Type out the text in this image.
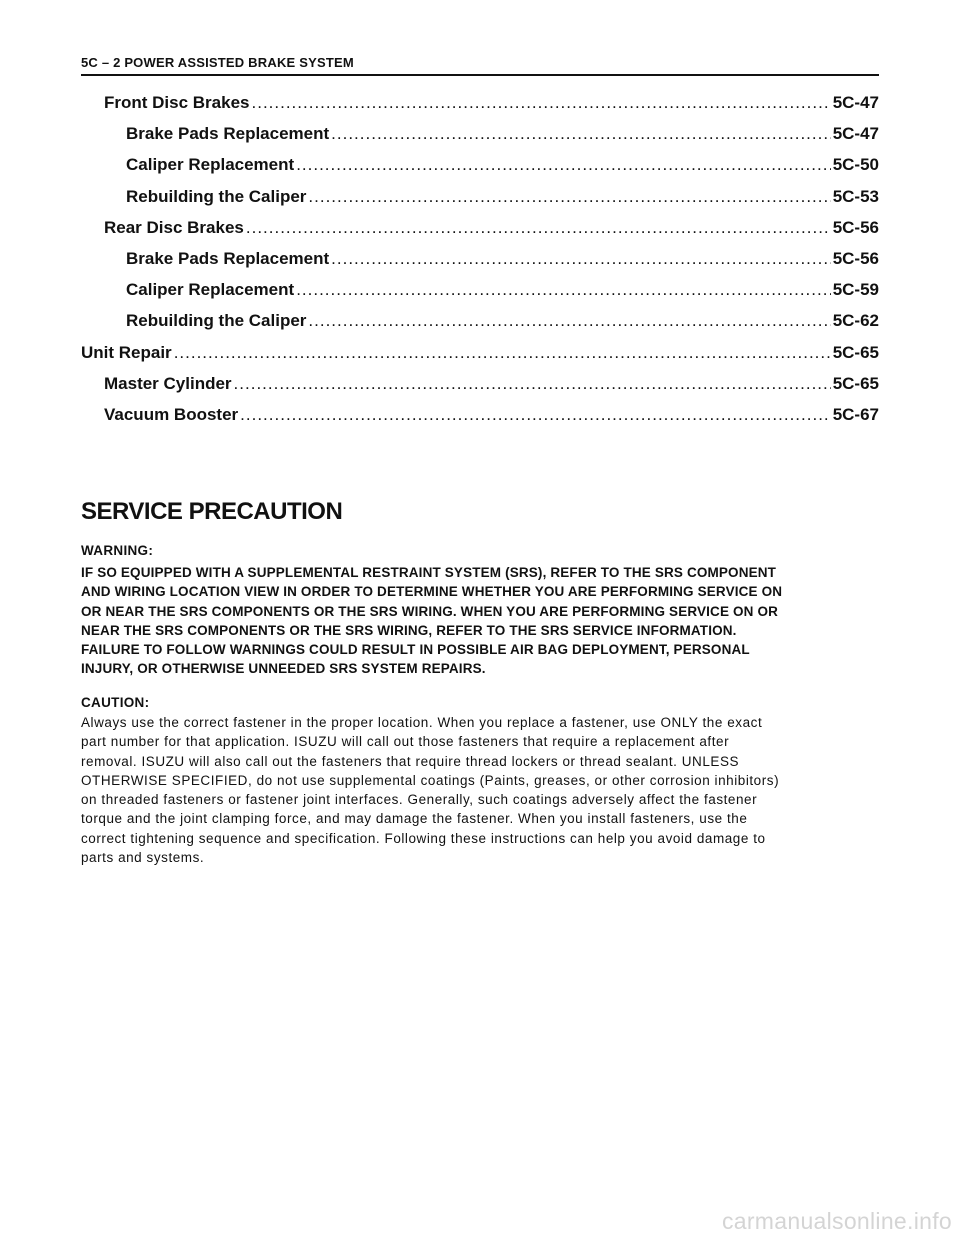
5C – 2 POWER ASSISTED BRAKE SYSTEM
Front Disc Brakes .....	5C-47
Brake Pads Replacement .....	5C-47
Caliper Replacement .....	5C-50
Rebuilding the Caliper .....	5C-53
Rear Disc Brakes .....	5C-56
Brake Pads Replacement .....	5C-56
Caliper Replacement .....	5C-59
Rebuilding the Caliper .....	5C-62
Unit Repair .....	5C-65
Master Cylinder .....	5C-65
Vacuum Booster .....	5C-67
SERVICE PRECAUTION
WARNING:
IF SO EQUIPPED WITH A SUPPLEMENTAL RESTRAINT SYSTEM (SRS), REFER TO THE SRS COMPONENT
AND WIRING LOCATION VIEW IN ORDER TO DETERMINE WHETHER YOU ARE PERFORMING SERVICE ON
OR NEAR THE SRS COMPONENTS OR THE SRS WIRING. WHEN YOU ARE PERFORMING SERVICE ON OR
NEAR THE SRS COMPONENTS OR THE SRS WIRING, REFER TO THE SRS SERVICE INFORMATION.
FAILURE TO FOLLOW WARNINGS COULD RESULT IN POSSIBLE AIR BAG DEPLOYMENT, PERSONAL
INJURY, OR OTHERWISE UNNEEDED SRS SYSTEM REPAIRS.
CAUTION:
Always use the correct fastener in the proper location. When you replace a fastener, use ONLY the exact
part number for that application. ISUZU will call out those fasteners that require a replacement after
removal. ISUZU will also call out the fasteners that require thread lockers or thread sealant. UNLESS
OTHERWISE SPECIFIED, do not use supplemental coatings (Paints, greases, or other corrosion inhibitors)
on threaded fasteners or fastener joint interfaces. Generally, such coatings adversely affect the fastener
torque and the joint clamping force, and may damage the fastener. When you install fasteners, use the
correct tightening sequence and specification. Following these instructions can help you avoid damage to
parts and systems.
carmanualsonline.info
